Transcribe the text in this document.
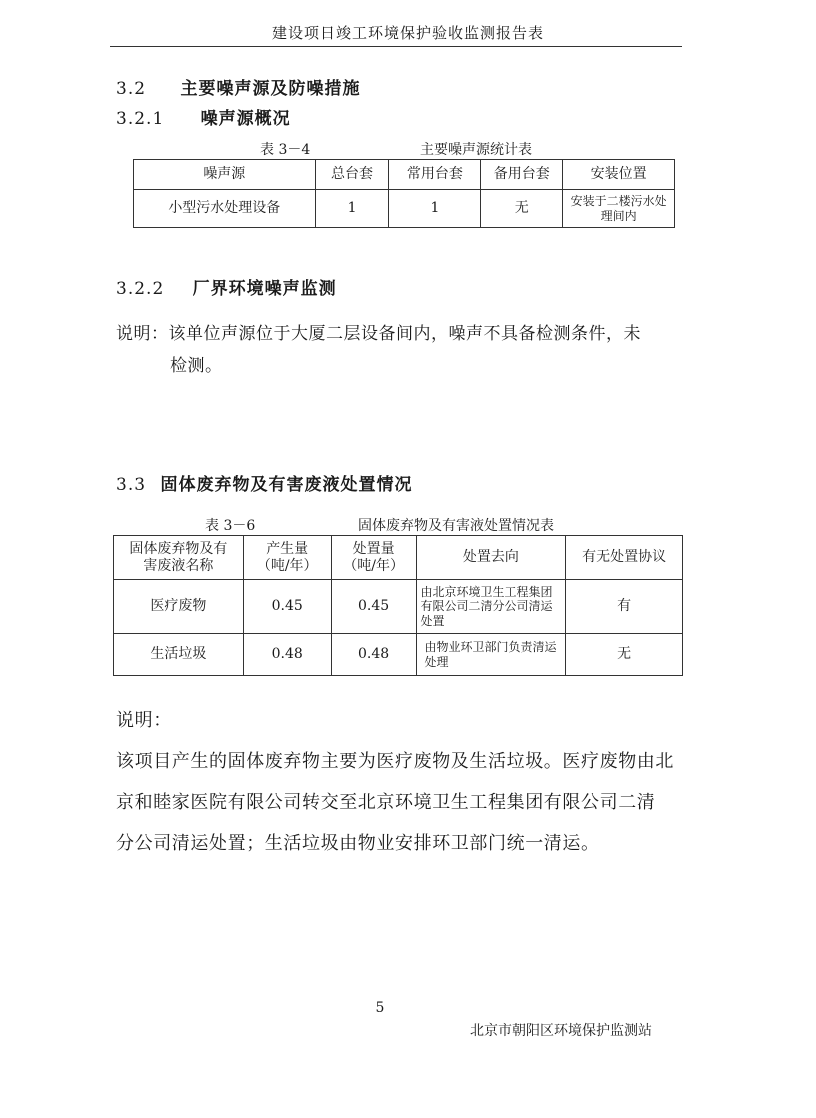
建设项日竣工环境保护验收监测报告表
3.2 主要噪声源及防噪措施
3.2.1 噪声源概况
表 3－4	主要噪声源统计表
噪声源	总台套	常用台套	备用台套	安装位置
小型污水处理设备	1	1	无	安装于二楼污水处理间内
3.2.2 厂界环境噪声监测
说明：该单位声源位于大厦二层设备间内，噪声不具备检测条件，未
检测。
3.3 固体废弃物及有害废液处置情况
表 3－6	固体废弃物及有害液处置情况表
固体废弃物及有害废液名称	产生量（吨/年）	处置量（吨/年）	处置去向	有无处置协议
医疗废物	0.45	0.45	由北京环境卫生工程集团有限公司二清分公司清运处置	有
生活垃圾	0.48	0.48	由物业环卫部门负责清运处理	无
说明：
该项目产生的固体废弃物主要为医疗废物及生活垃圾。医疗废物由北
京和睦家医院有限公司转交至北京环境卫生工程集团有限公司二清
分公司清运处置；生活垃圾由物业安排环卫部门统一清运。
5
北京市朝阳区环境保护监测站
